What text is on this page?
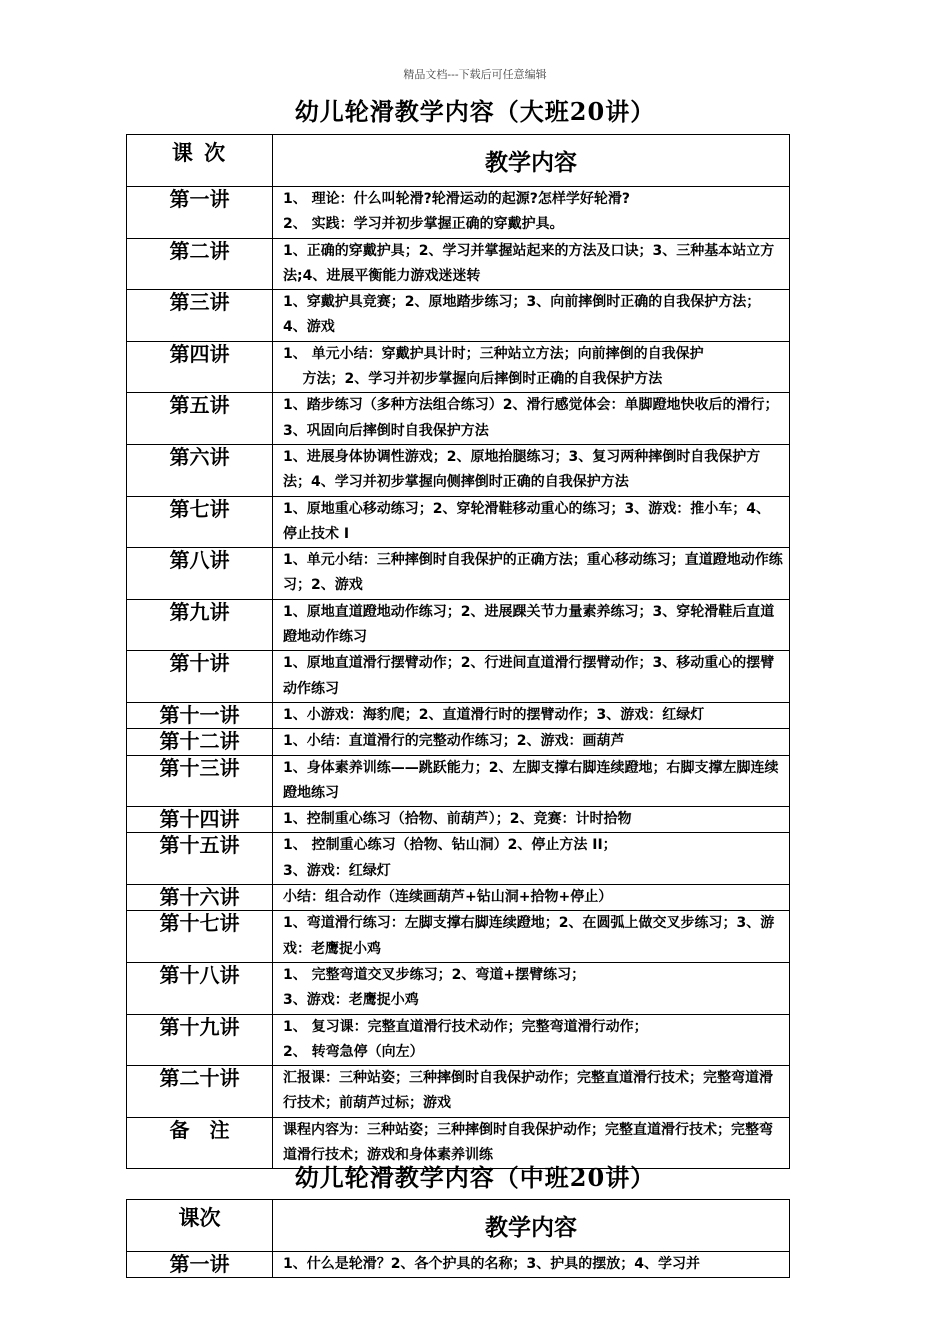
精品文档---下载后可任意编辑
幼儿轮滑教学内容（大班20讲）
课 次	教学内容
第一讲	1、 理论：什么叫轮滑?轮滑运动的起源?怎样学好轮滑?
2、 实践：学习并初步掌握正确的穿戴护具。
第二讲	1、正确的穿戴护具；2、学习并掌握站起来的方法及口诀；3、三种基本站立方法;4、进展平衡能力游戏迷迷转
第三讲	1、穿戴护具竞赛；2、原地踏步练习；3、向前摔倒时正确的自我保护方法；4、游戏
第四讲	1、 单元小结：穿戴护具计时；三种站立方法；向前摔倒的自我保护
方法；2、学习并初步掌握向后摔倒时正确的自我保护方法
第五讲	1、踏步练习（多种方法组合练习）2、滑行感觉体会：单脚蹬地快收后的滑行；3、巩固向后摔倒时自我保护方法
第六讲	1、进展身体协调性游戏；2、原地抬腿练习；3、复习两种摔倒时自我保护方法；4、学习并初步掌握向侧摔倒时正确的自我保护方法
第七讲	1、原地重心移动练习；2、穿轮滑鞋移动重心的练习；3、游戏：推小车；4、停止技术 I
第八讲	1、单元小结：三种摔倒时自我保护的正确方法；重心移动练习；直道蹬地动作练习；2、游戏
第九讲	1、原地直道蹬地动作练习；2、进展踝关节力量素养练习；3、穿轮滑鞋后直道蹬地动作练习
第十讲	1、原地直道滑行摆臂动作；2、行进间直道滑行摆臂动作；3、移动重心的摆臂动作练习
第十一讲	1、小游戏：海豹爬；2、直道滑行时的摆臂动作；3、游戏：红绿灯
第十二讲	1、小结：直道滑行的完整动作练习；2、游戏：画葫芦
第十三讲	1、身体素养训练——跳跃能力；2、左脚支撑右脚连续蹬地；右脚支撑左脚连续蹬地练习
第十四讲	1、控制重心练习（拾物、前葫芦）；2、竞赛：计时拾物
第十五讲	1、 控制重心练习（拾物、钻山洞）2、停止方法 II；
3、游戏：红绿灯
第十六讲	小结：组合动作（连续画葫芦+钻山洞+拾物+停止）
第十七讲	1、弯道滑行练习：左脚支撑右脚连续蹬地；2、在圆弧上做交叉步练习；3、游戏：老鹰捉小鸡
第十八讲	1、 完整弯道交叉步练习；2、弯道+摆臂练习；
3、游戏：老鹰捉小鸡
第十九讲	1、 复习课：完整直道滑行技术动作；完整弯道滑行动作；
2、 转弯急停（向左）
第二十讲	汇报课：三种站姿；三种摔倒时自我保护动作；完整直道滑行技术；完整弯道滑行技术；前葫芦过标；游戏
备　注	课程内容为：三种站姿；三种摔倒时自我保护动作；完整直道滑行技术；完整弯道滑行技术；游戏和身体素养训练
幼儿轮滑教学内容（中班20讲）
课次	教学内容
第一讲	1、什么是轮滑？2、各个护具的名称；3、护具的摆放；4、学习并
